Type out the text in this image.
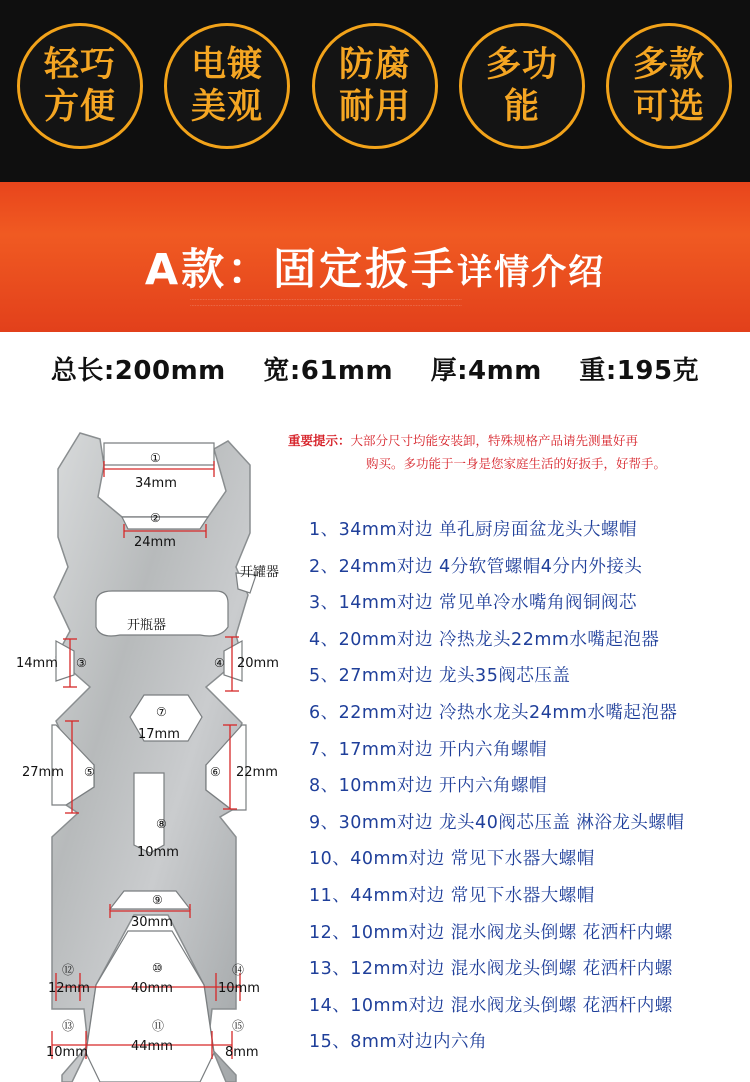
轻巧
方便
电镀
美观
防腐
耐用
多功
能
多款
可选
A款：固定扳手详情介绍
...........................................................................................................................................................................
...........................................................................................................................................................................
总长:200mm 宽:61mm 厚:4mm 重:195克
重要提示：大部分尺寸均能安装卸，特殊规格产品请先测量好再
购买。多功能于一身是您家庭生活的好扳手，好帮手。
1、34mm对边 单孔厨房面盆龙头大螺帽
2、24mm对边 4分软管螺帽4分内外接头
3、14mm对边 常见单冷水嘴角阀铜阀芯
4、20mm对边 冷热龙头22mm水嘴起泡器
5、27mm对边 龙头35阀芯压盖
6、22mm对边 冷热水龙头24mm水嘴起泡器
7、17mm对边 开内六角螺帽
8、10mm对边 开内六角螺帽
9、30mm对边 龙头40阀芯压盖 淋浴龙头螺帽
10、40mm对边 常见下水器大螺帽
11、44mm对边 常见下水器大螺帽
12、10mm对边 混水阀龙头倒螺 花洒杆内螺
13、12mm对边 混水阀龙头倒螺 花洒杆内螺
14、10mm对边 混水阀龙头倒螺 花洒杆内螺
15、8mm对边内六角
①
34mm
②
24mm
开罐器
开瓶器
14mm ③	④ 20mm
⑦
17mm
27mm ⑤	⑥ 22mm
⑧
10mm
⑨
30mm
⑫	⑩	⑭
12mm	40mm	10mm
⑬	⑪	⑮
10mm	44mm	8mm
